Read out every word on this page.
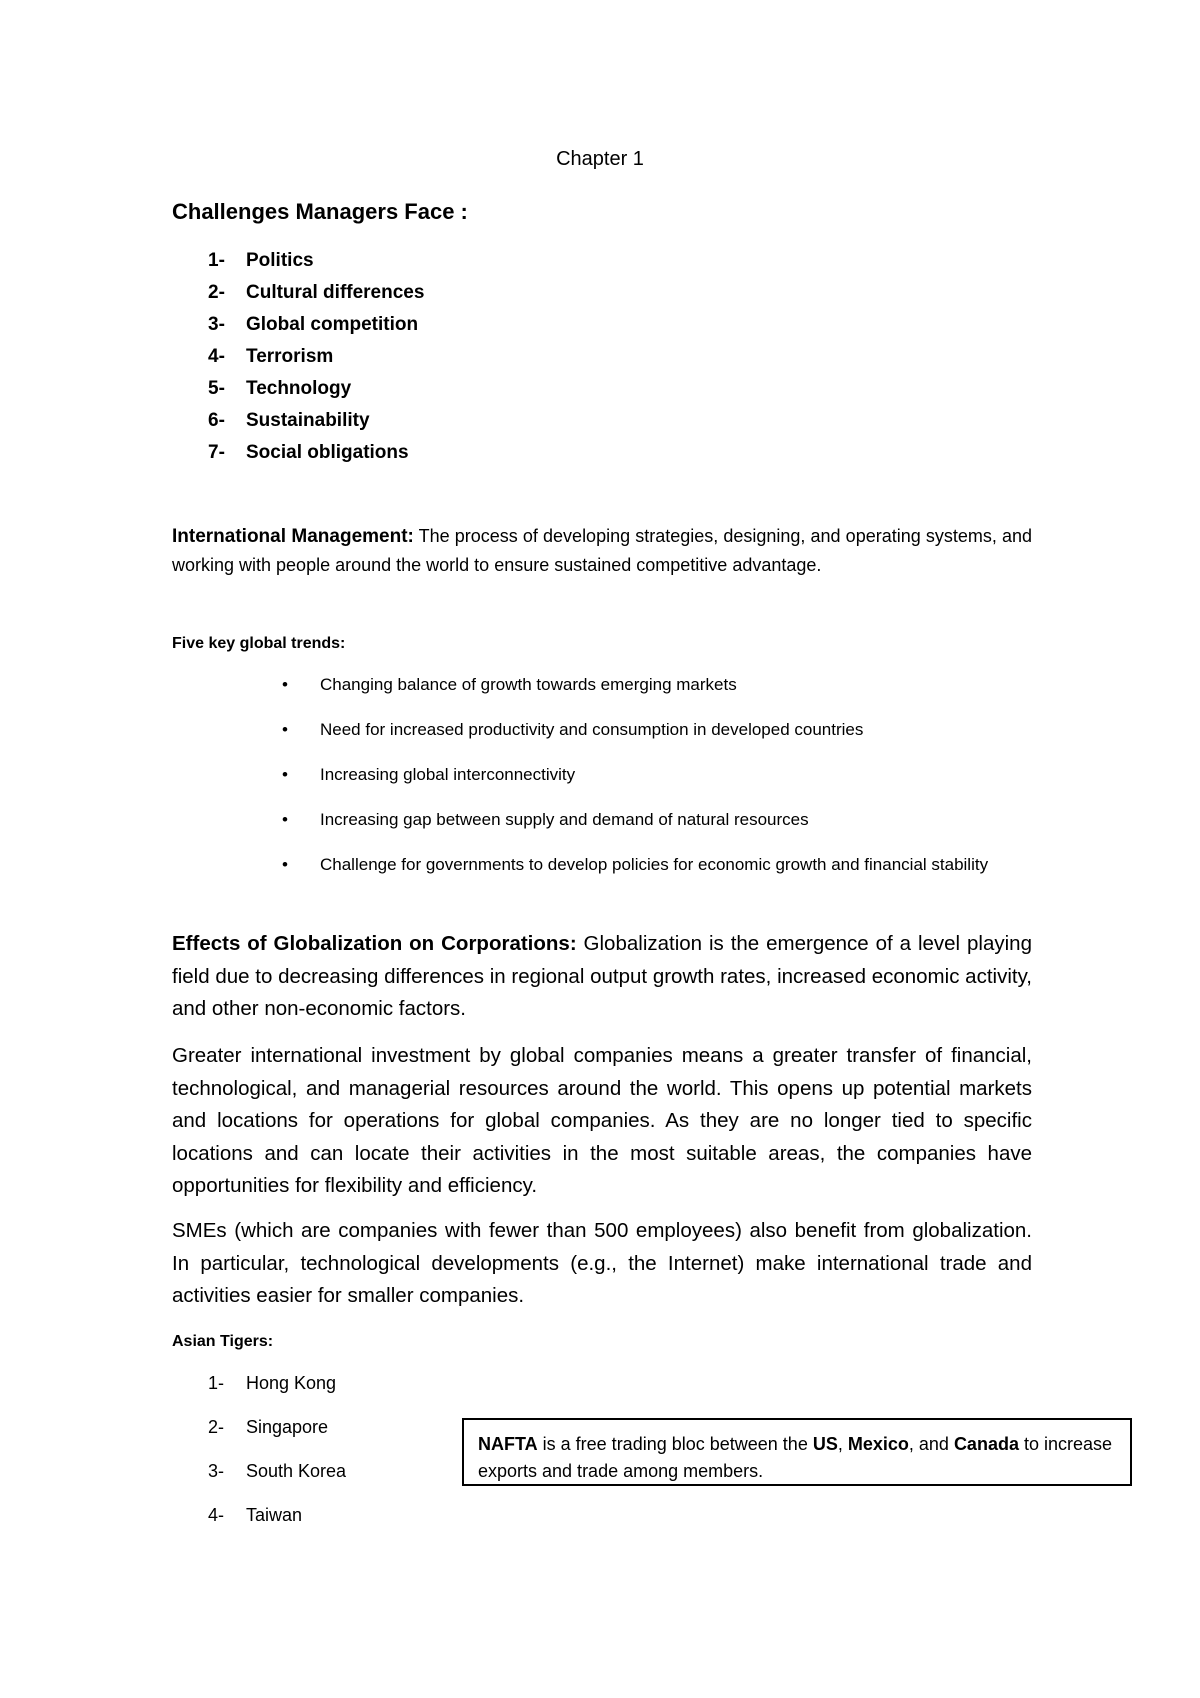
Chapter 1
Challenges Managers Face :
1-	Politics
2-	Cultural differences
3-	Global competition
4-	Terrorism
5-	Technology
6-	Sustainability
7-	Social obligations
International Management: The process of developing strategies, designing, and operating systems, and working with people around the world to ensure sustained competitive advantage.
Five key global trends:
• Changing balance of growth towards emerging markets
• Need for increased productivity and consumption in developed countries
• Increasing global interconnectivity
• Increasing gap between supply and demand of natural resources
• Challenge for governments to develop policies for economic growth and financial stability
Effects of Globalization on Corporations: Globalization is the emergence of a level playing field due to decreasing differences in regional output growth rates, increased economic activity, and other non-economic factors.
Greater international investment by global companies means a greater transfer of financial, technological, and managerial resources around the world. This opens up potential markets and locations for operations for global companies. As they are no longer tied to specific locations and can locate their activities in the most suitable areas, the companies have opportunities for flexibility and efficiency.
SMEs (which are companies with fewer than 500 employees) also benefit from globalization. In particular, technological developments (e.g., the Internet) make international trade and activities easier for smaller companies.
Asian Tigers:
1-	Hong Kong
2-	Singapore
3-	South Korea
4-	Taiwan
NAFTA is a free trading bloc between the US, Mexico, and Canada to increase exports and trade among members.
